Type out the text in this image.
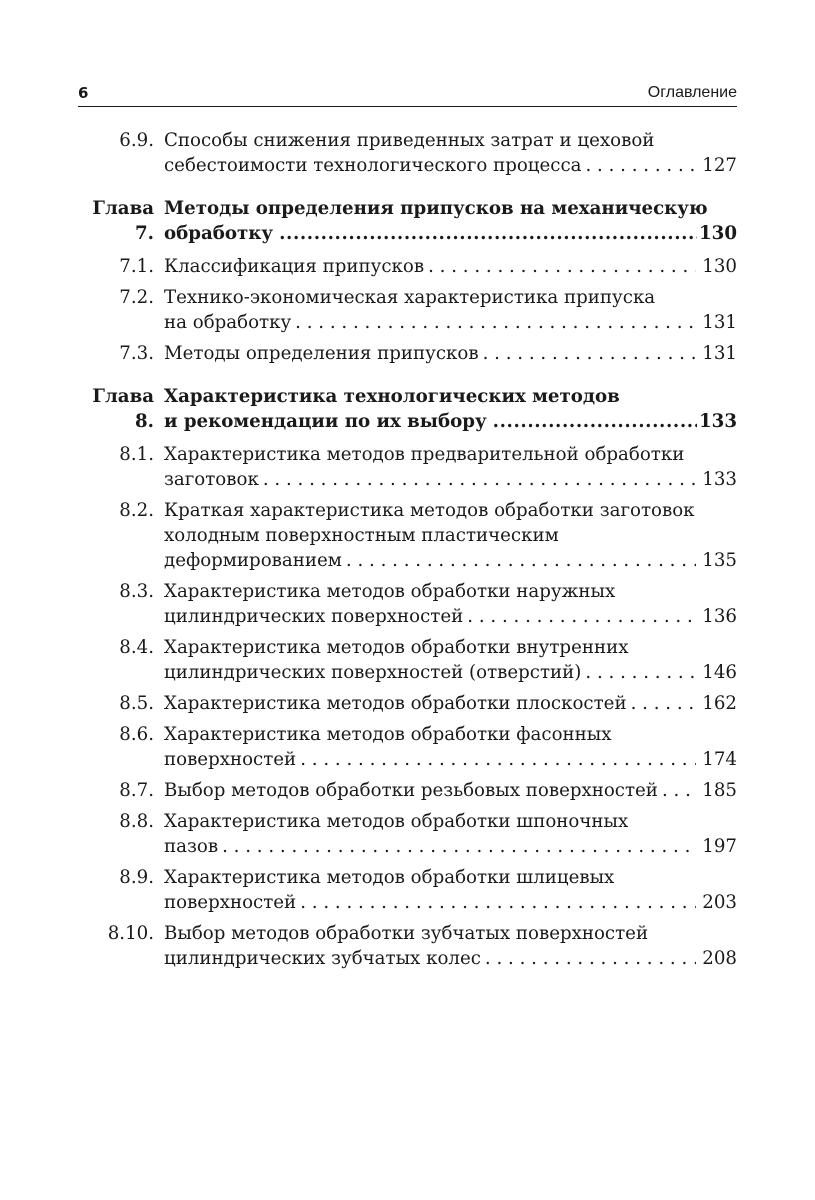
6	Оглавление
6.9. Способы снижения приведенных затрат и цеховой
себестоимости технологического процесса . . .	127
Глава 7.
Методы определения припусков на механическую
обработку .....	130
7.1. Классификация припусков . . .	130
7.2. Технико-экономическая характеристика припуска
на обработку . . .	131
7.3. Методы определения припусков . . .	131
Глава 8.
Характеристика технологических методов
и рекомендации по их выбору .....	133
8.1. Характеристика методов предварительной обработки
заготовок . . .	133
8.2. Краткая характеристика методов обработки заготовок
холодным поверхностным пластическим
деформированием . . .	135
8.3. Характеристика методов обработки наружных
цилиндрических поверхностей . . .	136
8.4. Характеристика методов обработки внутренних
цилиндрических поверхностей (отверстий) . . .	146
8.5. Характеристика методов обработки плоскостей . . .	162
8.6. Характеристика методов обработки фасонных
поверхностей . . .	174
8.7. Выбор методов обработки резьбовых поверхностей . . . 185
8.8. Характеристика методов обработки шпоночных
пазов . . .	197
8.9. Характеристика методов обработки шлицевых
поверхностей . . .	203
8.10. Выбор методов обработки зубчатых поверхностей
цилиндрических зубчатых колес . . .	208
